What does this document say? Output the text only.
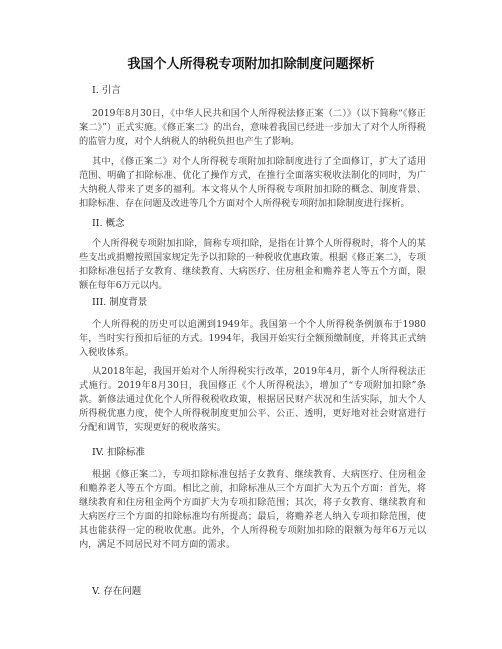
我国个人所得税专项附加扣除制度问题探析
I. 引言

2019年8月30日，《中华人民共和国个人所得税法修正案（二）》（以下简称“《修正案二》”）正式实施。《修正案二》的出台，意味着我国已经进一步加大了对个人所得税的监管力度，对个人纳税人的纳税负担也产生了影响。

其中，《修正案二》对个人所得税专项附加扣除制度进行了全面修订，扩大了适用范围、明确了扣除标准、优化了操作方式，在推行全面落实税收法制化的同时，为广大纳税人带来了更多的福利。本文将从个人所得税专项附加扣除的概念、制度背景、扣除标准、存在问题及改进等几个方面对个人所得税专项附加扣除制度进行探析。

II. 概念

个人所得税专项附加扣除，简称专项扣除，是指在计算个人所得税时，将个人的某些支出或捐赠按照国家规定先予以扣除的一种税收优惠政策。根据《修正案二》，专项扣除标准包括子女教育、继续教育、大病医疗、住房租金和赡养老人等五个方面，限额在每年6万元以内。

III. 制度背景

个人所得税的历史可以追溯到1949年。我国第一个个人所得税条例颁布于1980年，当时实行预扣后征的方式。1994年，我国开始实行全额预缴制度，并将其正式纳入税收体系。

从2018年起，我国开始对个人所得税实行改革，2019年4月，新个人所得税法正式施行。2019年8月30日，我国修正《个人所得税法》，增加了“专项附加扣除”条款。新修法通过优化个人所得税税收政策，根据居民财产状况和生活实际，加大个人所得税优惠力度，使个人所得税制度更加公平、公正、透明，更好地对社会财富进行分配和调节，实现更好的税收落实。

IV. 扣除标准

根据《修正案二》，专项扣除标准包括子女教育、继续教育、大病医疗、住房租金和赡养老人等五个方面。相比之前，扣除标准从三个方面扩大为五个方面：首先，将继续教育和住房租金两个方面扩大为专项扣除范围；其次，将子女教育、继续教育和大病医疗三个方面的扣除标准均有所提高；最后，将赡养老人纳入专项扣除范围，使其也能获得一定的税收优惠。此外，个人所得税专项附加扣除的限额为每年6万元以内，满足不同居民对不同方面的需求。

V. 存在问题
